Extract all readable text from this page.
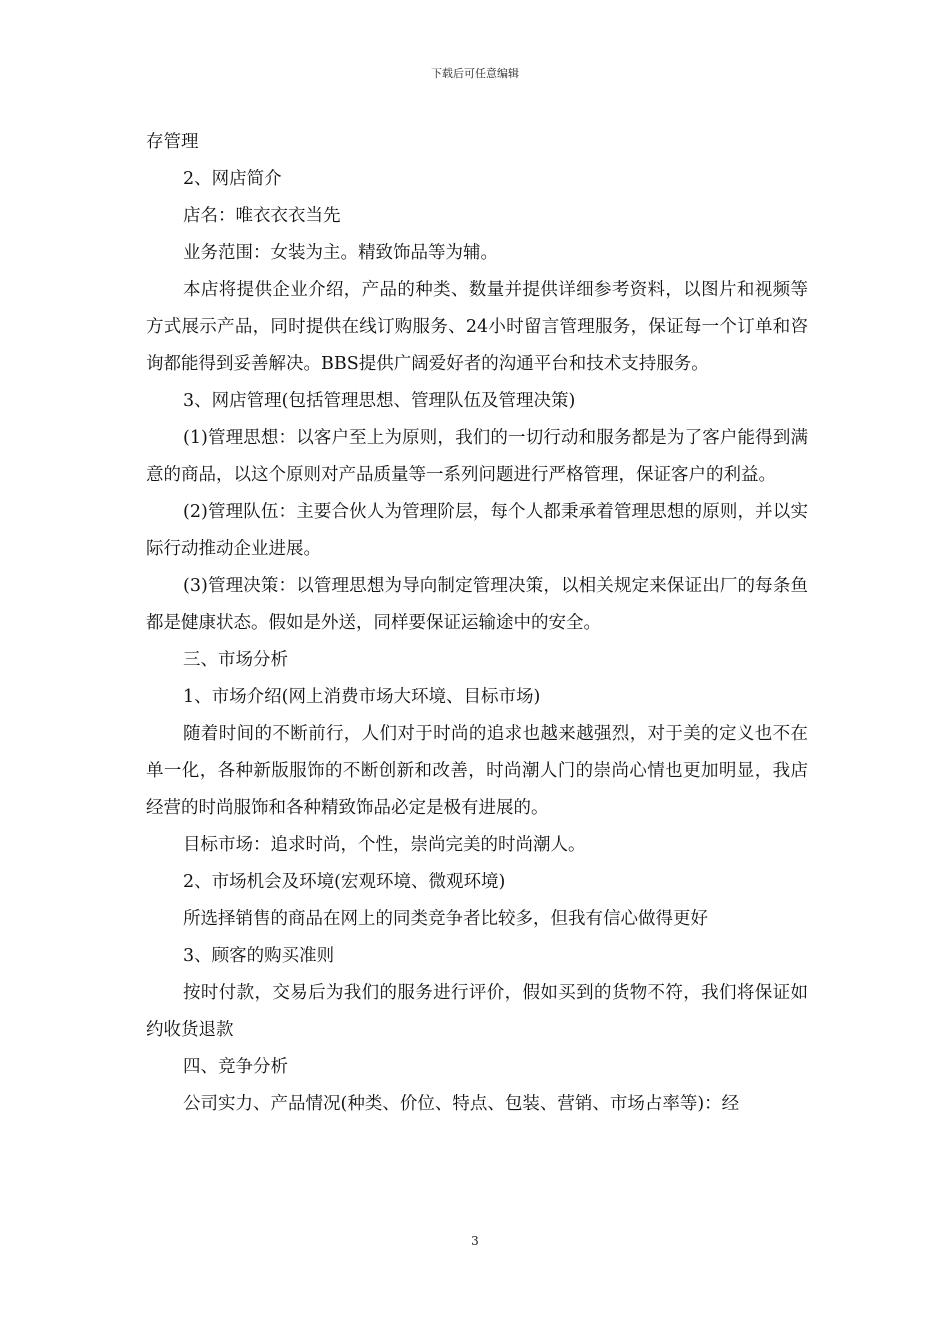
下载后可任意编辑

存管理

2、网店简介

店名：唯衣衣衣当先

业务范围：女装为主。精致饰品等为辅。

本店将提供企业介绍，产品的种类、数量并提供详细参考资料，以图片和视频等方式展示产品，同时提供在线订购服务、24小时留言管理服务，保证每一个订单和咨询都能得到妥善解决。BBS提供广阔爱好者的沟通平台和技术支持服务。

3、网店管理(包括管理思想、管理队伍及管理决策)

(1)管理思想：以客户至上为原则，我们的一切行动和服务都是为了客户能得到满意的商品，以这个原则对产品质量等一系列问题进行严格管理，保证客户的利益。

(2)管理队伍：主要合伙人为管理阶层，每个人都秉承着管理思想的原则，并以实际行动推动企业进展。

(3)管理决策：以管理思想为导向制定管理决策，以相关规定来保证出厂的每条鱼都是健康状态。假如是外送，同样要保证运输途中的安全。

三、市场分析

1、市场介绍(网上消费市场大环境、目标市场)

随着时间的不断前行，人们对于时尚的追求也越来越强烈，对于美的定义也不在单一化，各种新版服饰的不断创新和改善，时尚潮人门的崇尚心情也更加明显，我店经营的时尚服饰和各种精致饰品必定是极有进展的。

目标市场：追求时尚，个性，崇尚完美的时尚潮人。

2、市场机会及环境(宏观环境、微观环境)

所选择销售的商品在网上的同类竞争者比较多，但我有信心做得更好

3、顾客的购买准则

按时付款，交易后为我们的服务进行评价，假如买到的货物不符，我们将保证如约收货退款

四、竞争分析

公司实力、产品情况(种类、价位、特点、包装、营销、市场占率等)：经

3
